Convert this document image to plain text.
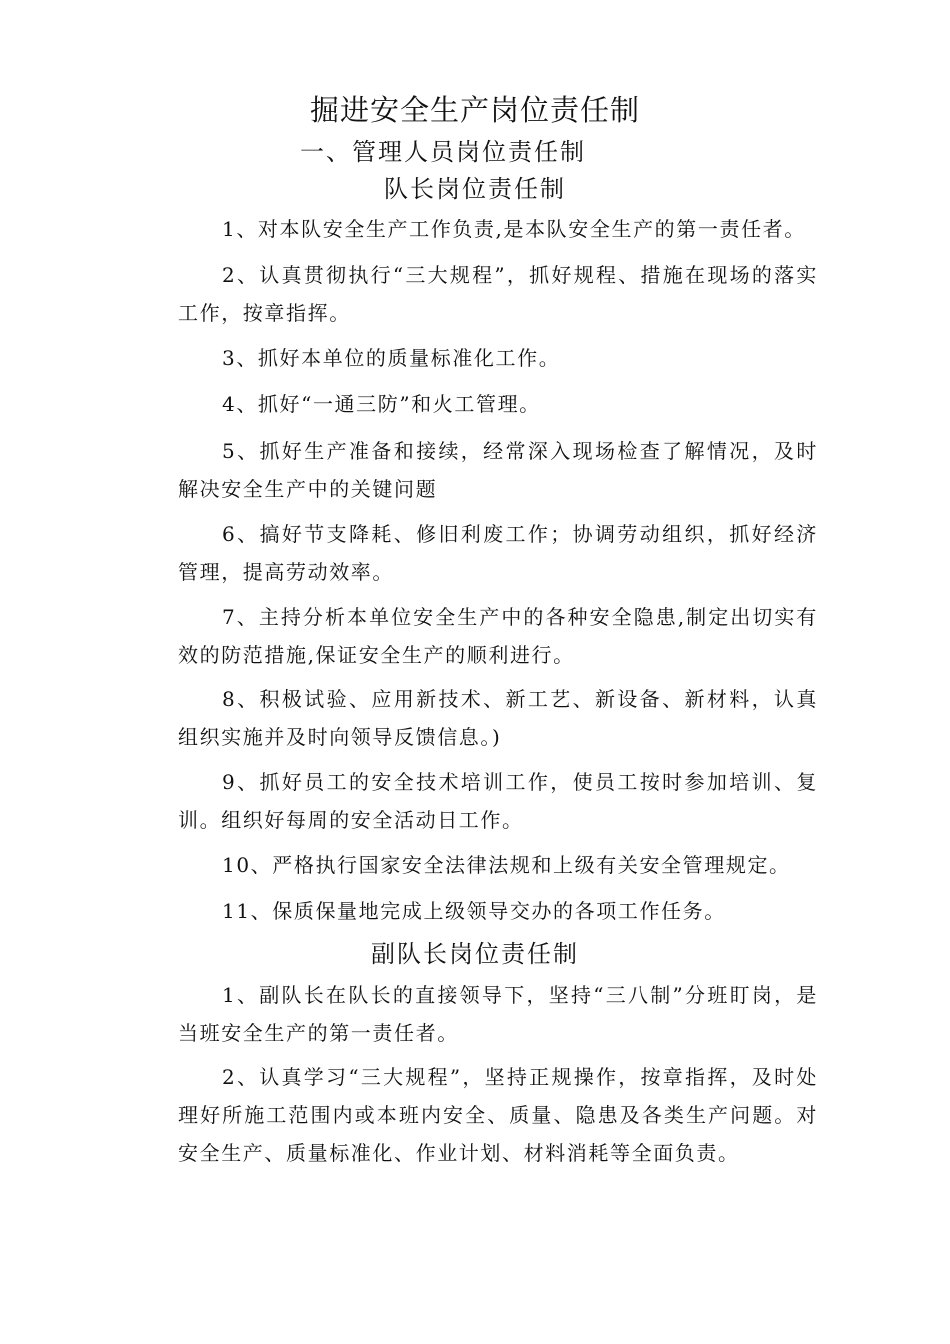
掘进安全生产岗位责任制
一、管理人员岗位责任制
队长岗位责任制

1、对本队安全生产工作负责,是本队安全生产的第一责任者。

2、认真贯彻执行“三大规程”，抓好规程、措施在现场的落实工作，按章指挥。

3、抓好本单位的质量标准化工作。

4、抓好“一通三防”和火工管理。

5、抓好生产准备和接续，经常深入现场检查了解情况，及时解决安全生产中的关键问题

6、搞好节支降耗、修旧利废工作；协调劳动组织，抓好经济管理，提高劳动效率。

7、主持分析本单位安全生产中的各种安全隐患,制定出切实有效的防范措施,保证安全生产的顺利进行。

8、积极试验、应用新技术、新工艺、新设备、新材料，认真组织实施并及时向领导反馈信息。)

9、抓好员工的安全技术培训工作，使员工按时参加培训、复训。组织好每周的安全活动日工作。

10、严格执行国家安全法律法规和上级有关安全管理规定。

11、保质保量地完成上级领导交办的各项工作任务。

副队长岗位责任制

1、副队长在队长的直接领导下，坚持“三八制”分班盯岗，是当班安全生产的第一责任者。

2、认真学习“三大规程”，坚持正规操作，按章指挥，及时处理好所施工范围内或本班内安全、质量、隐患及各类生产问题。对安全生产、质量标准化、作业计划、材料消耗等全面负责。
